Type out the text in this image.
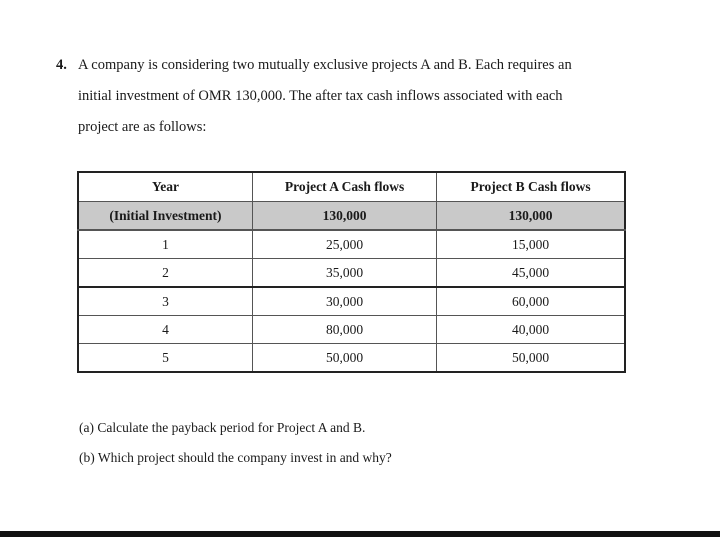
4. A company is considering two mutually exclusive projects A and B. Each requires an
initial investment of OMR 130,000. The after tax cash inflows associated with each
project are as follows:
Year	Project A Cash flows	Project B Cash flows
(Initial Investment)	130,000	130,000
1	25,000	15,000
2	35,000	45,000
3	30,000	60,000
4	80,000	40,000
5	50,000	50,000
(a) Calculate the payback period for Project A and B.
(b) Which project should the company invest in and why?
